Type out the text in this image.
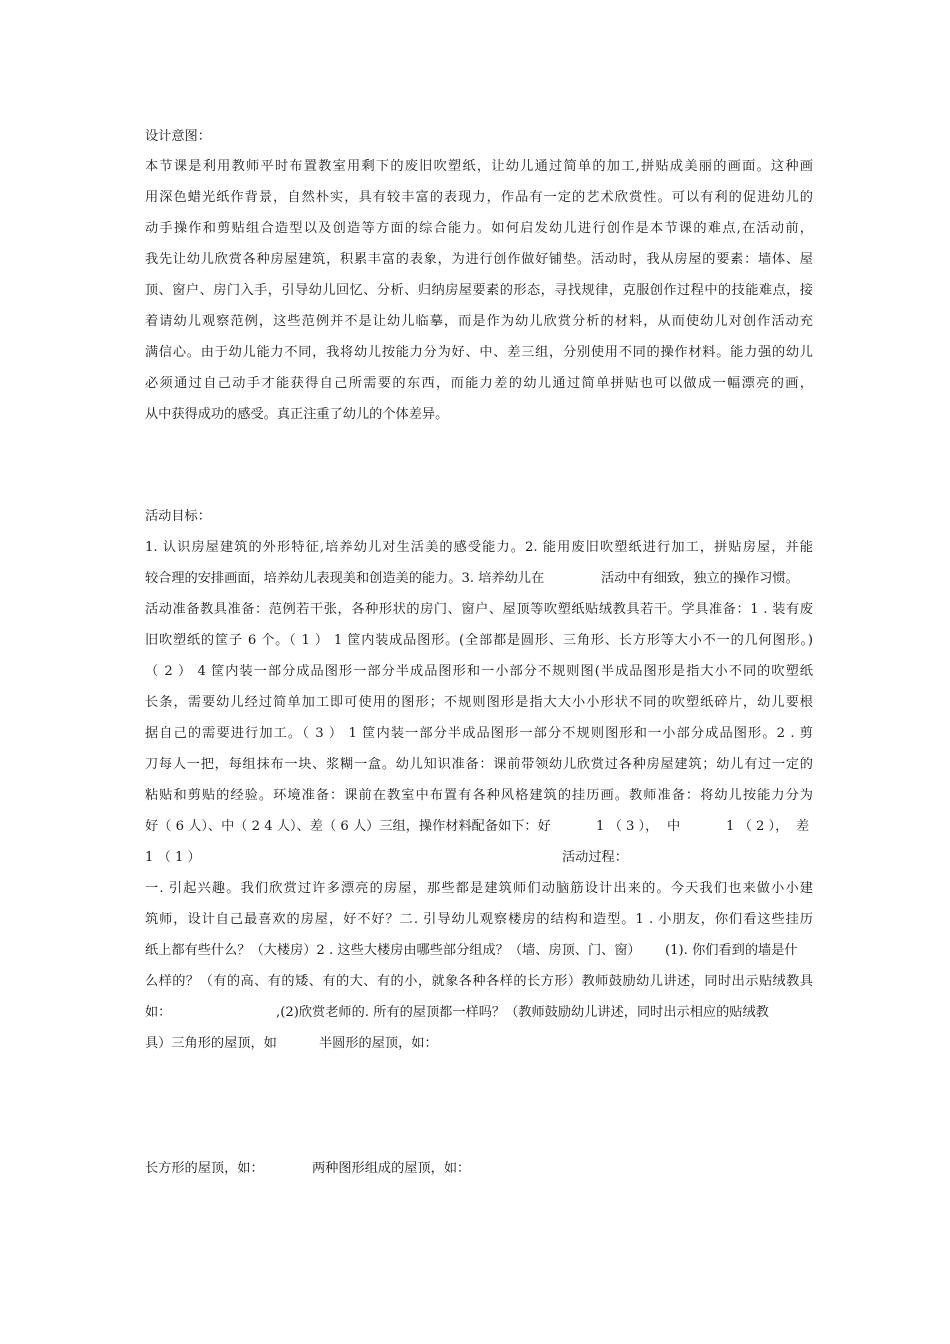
设计意图：
本节课是利用教师平时布置教室用剩下的废旧吹塑纸，让幼儿通过简单的加工,拼贴成美丽的画面。这种画
用深色蜡光纸作背景，自然朴实，具有较丰富的表现力，作品有一定的艺术欣赏性。可以有利的促进幼儿的
动手操作和剪贴组合造型以及创造等方面的综合能力。如何启发幼儿进行创作是本节课的难点,在活动前，
我先让幼儿欣赏各种房屋建筑，积累丰富的表象，为进行创作做好铺垫。活动时，我从房屋的要素：墙体、屋
顶、窗户、房门入手，引导幼儿回忆、分析、归纳房屋要素的形态，寻找规律，克服创作过程中的技能难点，接
着请幼儿观察范例，这些范例并不是让幼儿临摹，而是作为幼儿欣赏分析的材料，从而使幼儿对创作活动充
满信心。由于幼儿能力不同，我将幼儿按能力分为好、中、差三组，分别使用不同的操作材料。能力强的幼儿
必须通过自己动手才能获得自己所需要的东西，而能力差的幼儿通过简单拼贴也可以做成一幅漂亮的画，
从中获得成功的感受。真正注重了幼儿的个体差异。
活动目标：
1. 认识房屋建筑的外形特征,培养幼儿对生活美的感受能力。2. 能用废旧吹塑纸进行加工，拼贴房屋，并能
较合理的安排画面，培养幼儿表现美和创造美的能力。3. 培养幼儿在	活动中有细致，独立的操作习惯。
活动准备教具准备：范例若干张，各种形状的房门、窗户、屋顶等吹塑纸贴绒教具若干。学具准备：1 . 装有废
旧吹塑纸的筐子 6 个。（ 1 ） 1 筐内装成品图形。(全部都是圆形、三角形、长方形等大小不一的几何图形。)
（ 2 ） 4 筐内装一部分成品图形一部分半成品图形和一小部分不规则图(半成品图形是指大小不同的吹塑纸
长条，需要幼儿经过简单加工即可使用的图形；不规则图形是指大大小小形状不同的吹塑纸碎片，幼儿要根
据自己的需要进行加工。（ 3 ） 1 筐内装一部分半成品图形一部分不规则图形和一小部分成品图形。2 . 剪
刀每人一把，每组抹布一块、浆糊一盒。幼儿知识准备：课前带领幼儿欣赏过各种房屋建筑；幼儿有过一定的
粘贴和剪贴的经验。环境准备：课前在教室中布置有各种风格建筑的挂历画。教师准备：将幼儿按能力分为
好（ 6 人）、中（ 2 4 人）、差（ 6 人）三组，操作材料配备如下：好	1 （ 3 ）， 中	1 （ 2 ）， 差
1 （ 1 ）	活动过程：
一. 引起兴趣。我们欣赏过许多漂亮的房屋，那些都是建筑师们动脑筋设计出来的。今天我们也来做小小建
筑师，设计自己最喜欢的房屋，好不好？二. 引导幼儿观察楼房的结构和造型。1 . 小朋友，你们看这些挂历
纸上都有些什么？（大楼房）2 . 这些大楼房由哪些部分组成？（墙、房顶、门、窗） (1). 你们看到的墙是什
么样的？（有的高、有的矮、有的大、有的小，就象各种各样的长方形）教师鼓励幼儿讲述，同时出示贴绒教具
如：	,(2)欣赏老师的. 所有的屋顶都一样吗？（教师鼓励幼儿讲述，同时出示相应的贴绒教
具）三角形的屋顶，如	半圆形的屋顶，如：
长方形的屋顶，如：	两种图形组成的屋顶，如：
